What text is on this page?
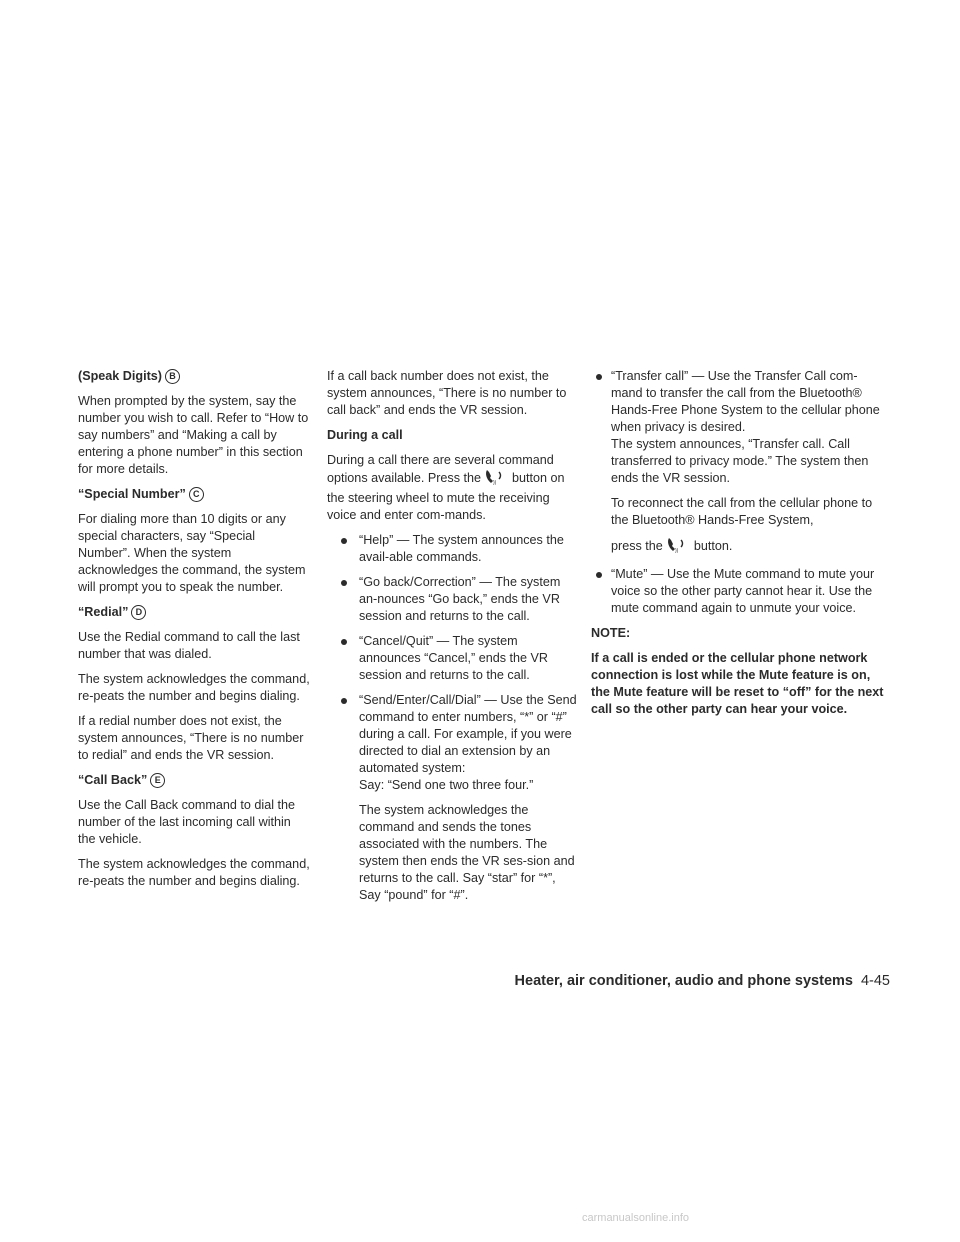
(Speak Digits) B

When prompted by the system, say the number you wish to call. Refer to “How to say numbers” and “Making a call by entering a phone number” in this section for more details.

“Special Number” C

For dialing more than 10 digits or any special characters, say “Special Number”. When the system acknowledges the command, the system will prompt you to speak the number.

“Redial” D

Use the Redial command to call the last number that was dialed.

The system acknowledges the command, re-peats the number and begins dialing.

If a redial number does not exist, the system announces, “There is no number to redial” and ends the VR session.

“Call Back” E

Use the Call Back command to dial the number of the last incoming call within the vehicle.

The system acknowledges the command, re-peats the number and begins dialing.

If a call back number does not exist, the system announces, “There is no number to call back” and ends the VR session.

During a call

During a call there are several command options available. Press the )) button on the steering wheel to mute the receiving voice and enter com-mands.

“Help” — The system announces the avail-able commands.
“Go back/Correction” — The system an-nounces “Go back,” ends the VR session and returns to the call.
“Cancel/Quit” — The system announces “Cancel,” ends the VR session and returns to the call.
“Send/Enter/Call/Dial” — Use the Send command to enter numbers, “*” or “#” during a call. For example, if you were directed to dial an extension by an automated system:

Say: “Send one two three four.”

The system acknowledges the command and sends the tones associated with the numbers. The system then ends the VR ses-sion and returns to the call. Say “star” for “*”, Say “pound” for “#”.

“Transfer call” — Use the Transfer Call com-mand to transfer the call from the Bluetooth® Hands-Free Phone System to the cellular phone when privacy is desired.

The system announces, “Transfer call. Call transferred to privacy mode.” The system then ends the VR session.

To reconnect the call from the cellular phone to the Bluetooth® Hands-Free System,

press the )) button.

“Mute” — Use the Mute command to mute your voice so the other party cannot hear it. Use the mute command again to unmute your voice.

NOTE:

If a call is ended or the cellular phone network connection is lost while the Mute feature is on, the Mute feature will be reset to “off” for the next call so the other party can hear your voice.

Heater, air conditioner, audio and phone systems 4-45
carmanualsonline.info
